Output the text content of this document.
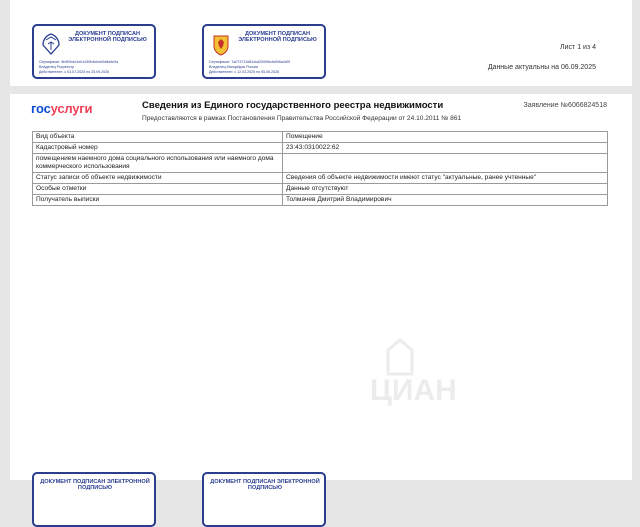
ДОКУМЕНТ ПОДПИСАН ЭЛЕКТРОННОЙ ПОДПИСЬЮ
Сертификат: 6b9f2b4d1eb1d39b4ebcb0d8a9e0a
Владелец Росреестр
Действителен: с 03.07.2025 по 25.09.2026
ДОКУМЕНТ ПОДПИСАН ЭЛЕКТРОННОЙ ПОДПИСЬЮ
Сертификат: 7a073713d81dcd2000fbcfa906a4d0f
Владелец Минцифры России
Действителен: с 12.03.2025 по 05.06.2026
Лист 1 из 4
Данные актуальны на 06.09.2025
госуслуги	Сведения из Единого государственного реестра недвижимости
Предоставляются в рамках Постановления Правительства Российской Федерации от 24.10.2011 № 861
Заявление №6066824518
Вид объекта	Помещение
Кадастровый номер	23:43:0310022:62
помещением наемного дома социального использования или наемного дома коммерческого использования	
Статус записи об объекте недвижимости	Сведения об объекте недвижимости имеют статус "актуальные, ранее учтенные"
Особые отметки	Данные отсутствуют
Получатель выписки	Толмачев Дмитрий Владимирович
ЦИАН
ДОКУМЕНТ ПОДПИСАН ЭЛЕКТРОННОЙ ПОДПИСЬЮ
ДОКУМЕНТ ПОДПИСАН ЭЛЕКТРОННОЙ ПОДПИСЬЮ
